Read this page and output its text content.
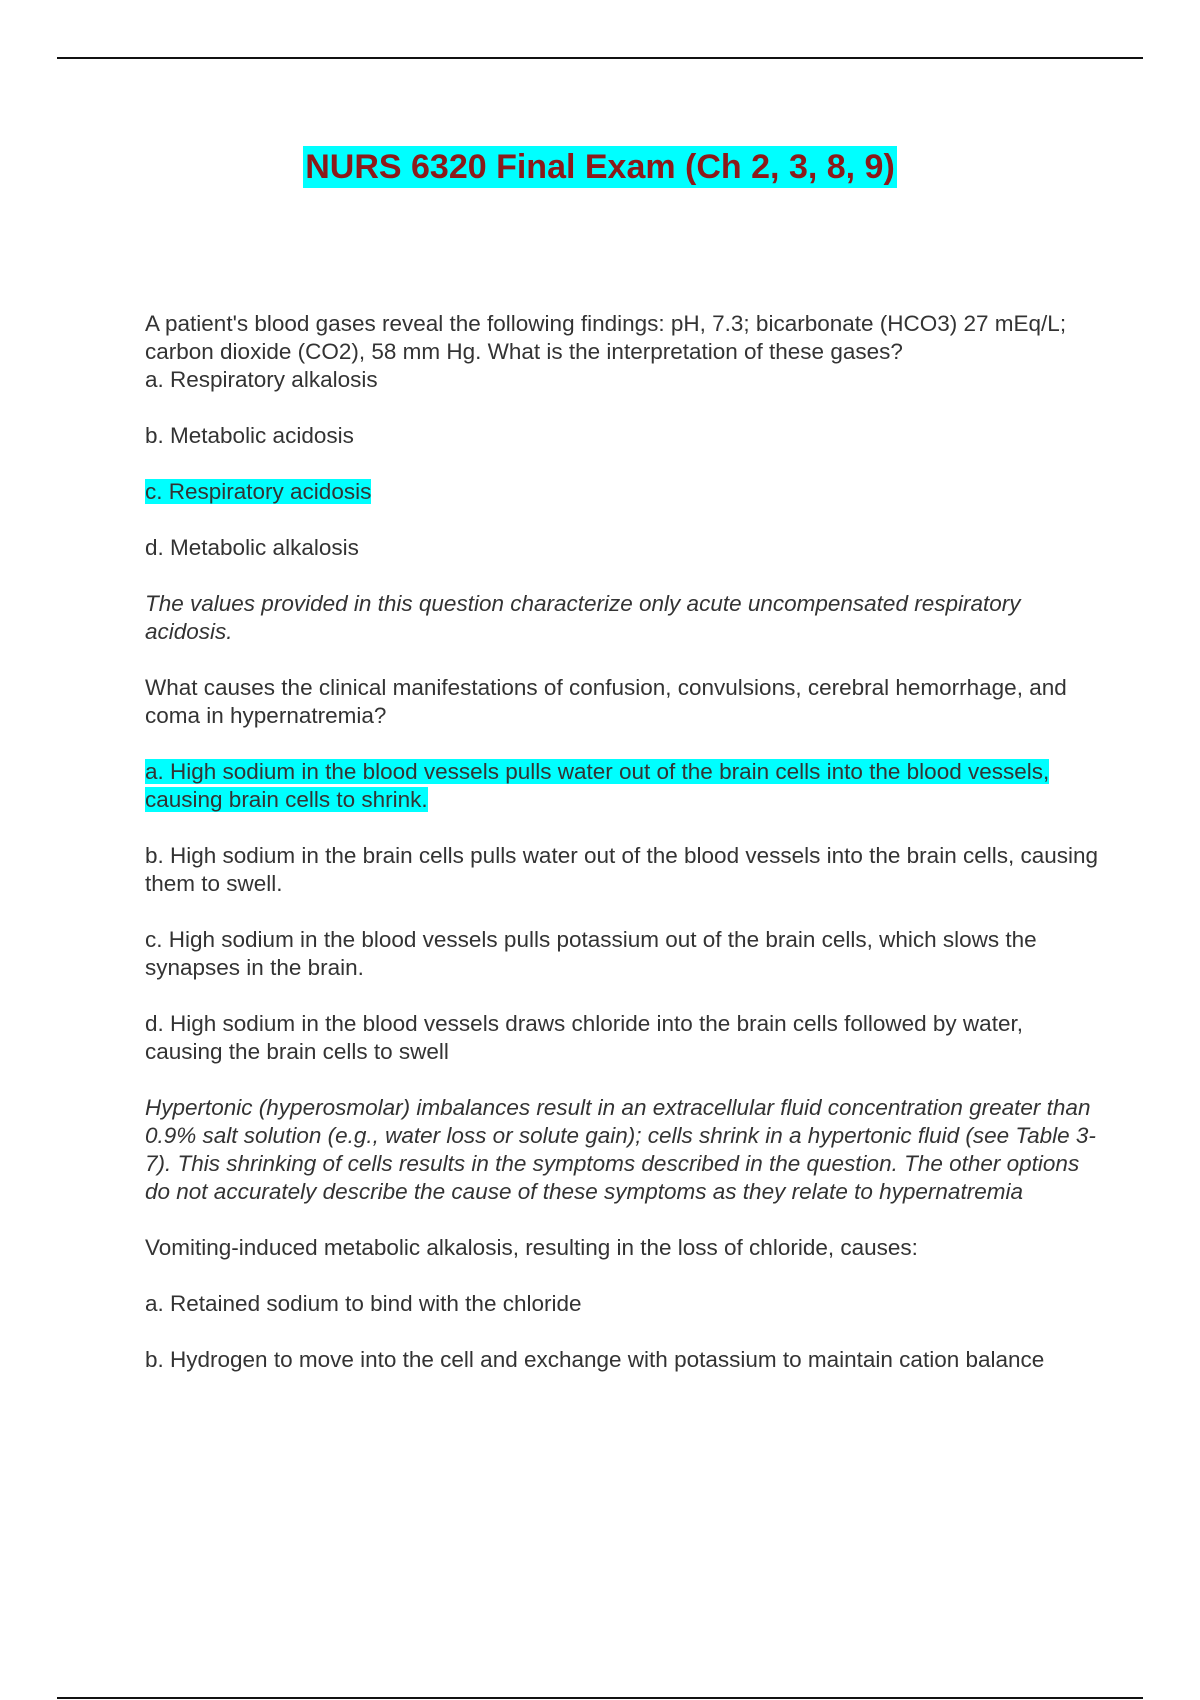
NURS 6320 Final Exam (Ch 2, 3, 8, 9)

A patient's blood gases reveal the following findings: pH, 7.3; bicarbonate (HCO3) 27 mEq/L; carbon dioxide (CO2), 58 mm Hg. What is the interpretation of these gases?

a. Respiratory alkalosis

b. Metabolic acidosis

c. Respiratory acidosis

d. Metabolic alkalosis

The values provided in this question characterize only acute uncompensated respiratory acidosis.

What causes the clinical manifestations of confusion, convulsions, cerebral hemorrhage, and coma in hypernatremia?

a. High sodium in the blood vessels pulls water out of the brain cells into the blood vessels, causing brain cells to shrink.

b. High sodium in the brain cells pulls water out of the blood vessels into the brain cells, causing them to swell.

c. High sodium in the blood vessels pulls potassium out of the brain cells, which slows the synapses in the brain.

d. High sodium in the blood vessels draws chloride into the brain cells followed by water, causing the brain cells to swell

Hypertonic (hyperosmolar) imbalances result in an extracellular fluid concentration greater than 0.9% salt solution (e.g., water loss or solute gain); cells shrink in a hypertonic fluid (see Table 3-7). This shrinking of cells results in the symptoms described in the question. The other options do not accurately describe the cause of these symptoms as they relate to hypernatremia

Vomiting-induced metabolic alkalosis, resulting in the loss of chloride, causes:

a. Retained sodium to bind with the chloride

b. Hydrogen to move into the cell and exchange with potassium to maintain cation balance
